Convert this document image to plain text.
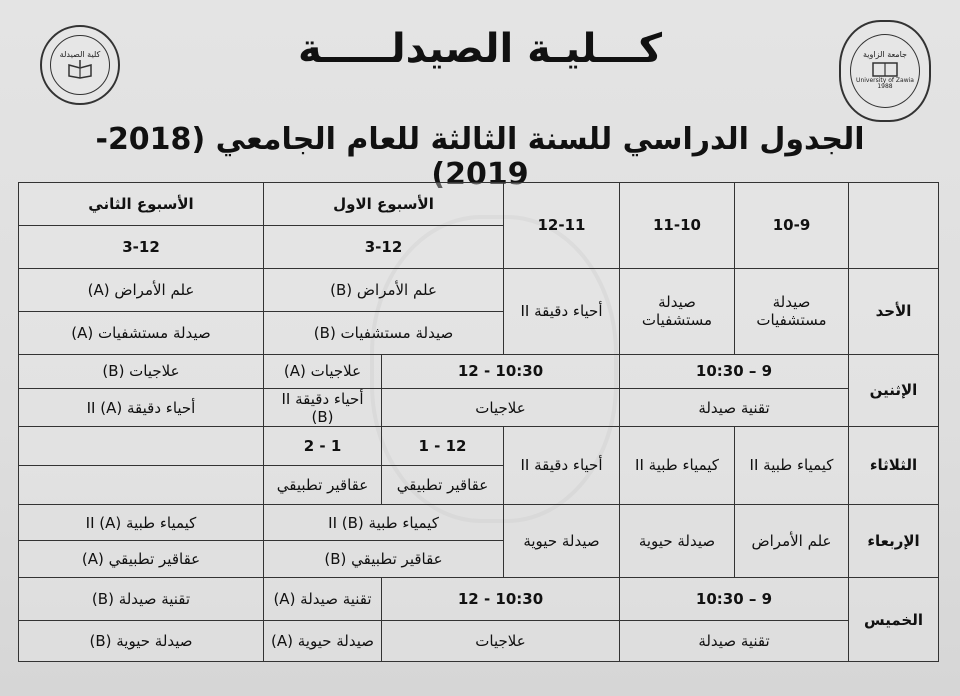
كلية الصيدلة	جامعة الزاوية
University of Zawia
1988
كـــليـة الصيدلـــــة
الجدول الدراسي للسنة الثالثة للعام الجامعي (2018-2019)
	10-9	11-10	12-11	الأسبوع الاول		الأسبوع الثاني
				3-12		3-12
الأحد	صيدلة مستشفيات	صيدلة مستشفيات	أحياء دقيقة II	علم الأمراض (B)		علم الأمراض (A)
				صيدلة مستشفيات (B)		صيدلة مستشفيات (A)
الإثنين	9 – 10:30		10:30 - 12		علاجيات (A)	علاجيات (B)
	تقنية صيدلة		علاجيات		أحياء دقيقة II (B)	أحياء دقيقة II (A)
الثلاثاء	كيمياء طبية II	كيمياء طبية II	أحياء دقيقة II	12 - 1	1 - 2	
				عقاقير تطبيقي	عقاقير تطبيقي	
الإربعاء	علم الأمراض	صيدلة حيوية	صيدلة حيوية	كيمياء طبية II (B)		كيمياء طبية II (A)
				عقاقير تطبيقي (B)		عقاقير تطبيقي (A)
الخميس	9 – 10:30		10:30 - 12		تقنية صيدلة (A)	تقنية صيدلة (B)
	تقنية صيدلة		علاجيات		صيدلة حيوية (A)	صيدلة حيوية (B)
